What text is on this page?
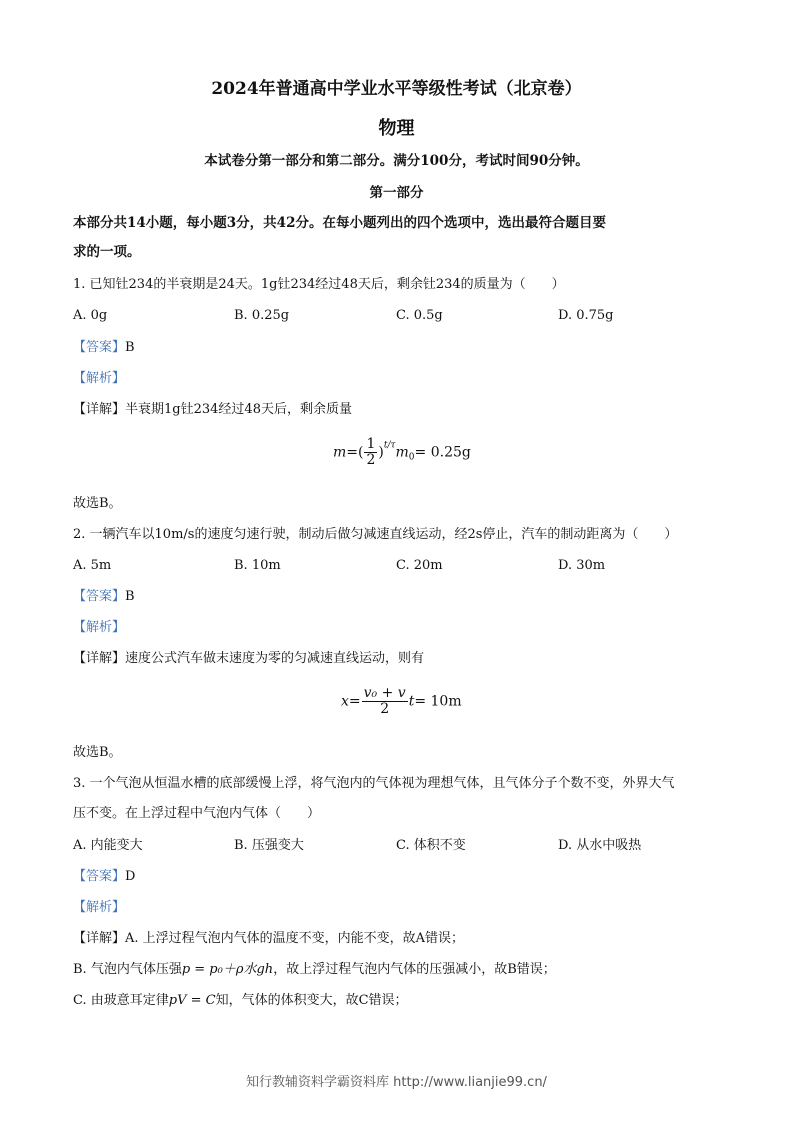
2024年普通高中学业水平等级性考试（北京卷）
物理
本试卷分第一部分和第二部分。满分100分，考试时间90分钟。
第一部分
本部分共14小题，每小题3分，共42分。在每小题列出的四个选项中，选出最符合题目要
求的一项。
1. 已知钍234的半衰期是24天。1g钍234经过48天后，剩余钍234的质量为（　　）
A. 0g	B. 0.25g	C. 0.5g	D. 0.75g
【答案】B
【解析】
【详解】半衰期1g钍234经过48天后，剩余质量
$m=( \frac{1}{2} )^{t/\tau}m_0= 0.25g$
故选B。
2. 一辆汽车以10m/s的速度匀速行驶，制动后做匀减速直线运动，经2s停止，汽车的制动距离为（　　）
A. 5m	B. 10m	C. 20m	D. 30m
【答案】B
【解析】
【详解】速度公式汽车做末速度为零的匀减速直线运动，则有
$x= \frac{\text{v₀ + v}}{2} t= 10m$
故选B。
3. 一个气泡从恒温水槽的底部缓慢上浮，将气泡内的气体视为理想气体，且气体分子个数不变，外界大气
压不变。在上浮过程中气泡内气体（　　）
A. 内能变大	B. 压强变大	C. 体积不变	D. 从水中吸热
【答案】D
【解析】
【详解】A. 上浮过程气泡内气体的温度不变，内能不变，故A错误；
B. 气泡内气体压强p = p₀＋ρ水gh，故上浮过程气泡内气体的压强减小，故B错误；
C. 由玻意耳定律pV = C知，气体的体积变大，故C错误；
知行教辅资料学霸资料库 http://www.lianjie99.cn/
